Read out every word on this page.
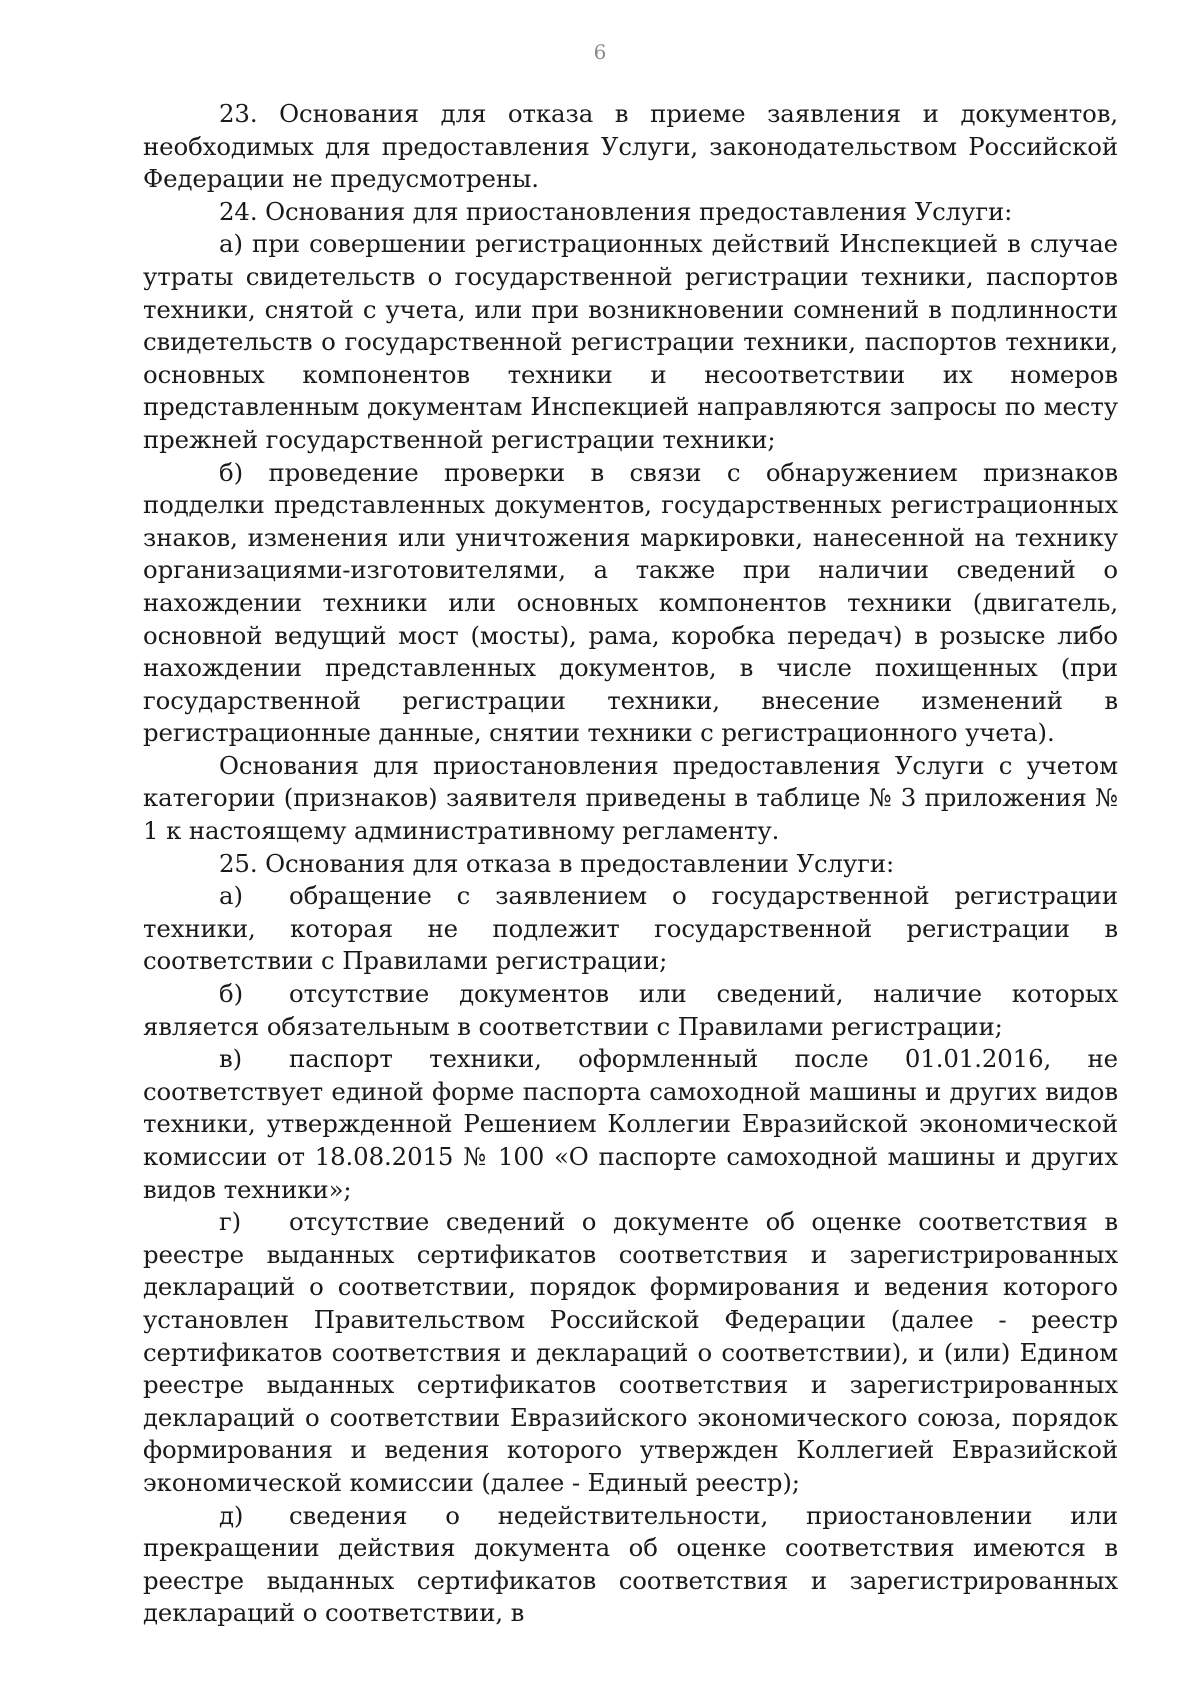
6

23. Основания для отказа в приеме заявления и документов, необходимых для предоставления Услуги, законодательством Российской Федерации не предусмотрены.

24. Основания для приостановления предоставления Услуги:

а) при совершении регистрационных действий Инспекцией в случае утраты свидетельств о государственной регистрации техники, паспортов техники, снятой с учета, или при возникновении сомнений в подлинности свидетельств о государственной регистрации техники, паспортов техники, основных компонентов техники и несоответствии их номеров представленным документам Инспекцией направляются запросы по месту прежней государственной регистрации техники;

б) проведение проверки в связи с обнаружением признаков подделки представленных документов, государственных регистрационных знаков, изменения или уничтожения маркировки, нанесенной на технику организациями-изготовителями, а также при наличии сведений о нахождении техники или основных компонентов техники (двигатель, основной ведущий мост (мосты), рама, коробка передач) в розыске либо нахождении представленных документов, в числе похищенных (при государственной регистрации техники, внесение изменений в регистрационные данные, снятии техники с регистрационного учета).

Основания для приостановления предоставления Услуги с учетом категории (признаков) заявителя приведены в таблице № 3 приложения № 1 к настоящему административному регламенту.

25. Основания для отказа в предоставлении Услуги:

а) обращение с заявлением о государственной регистрации техники, которая не подлежит государственной регистрации в соответствии с Правилами регистрации;

б) отсутствие документов или сведений, наличие которых является обязательным в соответствии с Правилами регистрации;

в) паспорт техники, оформленный после 01.01.2016, не соответствует единой форме паспорта самоходной машины и других видов техники, утвержденной Решением Коллегии Евразийской экономической комиссии от 18.08.2015 № 100 «О паспорте самоходной машины и других видов техники»;

г) отсутствие сведений о документе об оценке соответствия в реестре выданных сертификатов соответствия и зарегистрированных деклараций о соответствии, порядок формирования и ведения которого установлен Правительством Российской Федерации (далее - реестр сертификатов соответствия и деклараций о соответствии), и (или) Едином реестре выданных сертификатов соответствия и зарегистрированных деклараций о соответствии Евразийского экономического союза, порядок формирования и ведения которого утвержден Коллегией Евразийской экономической комиссии (далее - Единый реестр);

д) сведения о недействительности, приостановлении или прекращении действия документа об оценке соответствия имеются в реестре выданных сертификатов соответствия и зарегистрированных деклараций о соответствии, в
